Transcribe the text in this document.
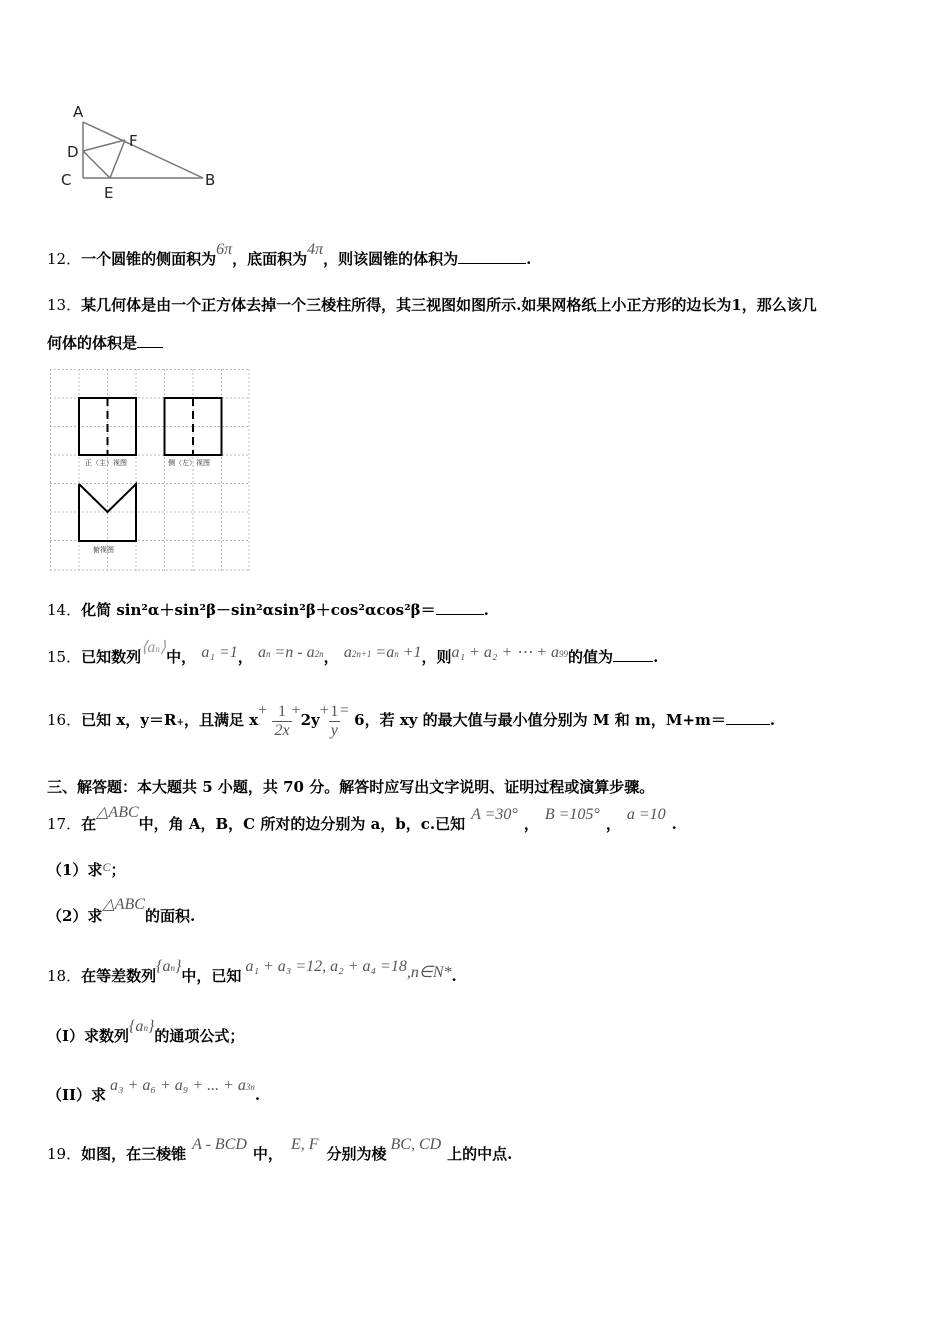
A
D
C
E
F
B
12．一个圆锥的侧面积为6π，底面积为4π，则该圆锥的体积为	.
13．某几何体是由一个正方体去掉一个三棱柱所得，其三视图如图所示.如果网格纸上小正方形的边长为1，那么该几
何体的体积是
正（主）视图	侧（左）视图
俯视图
14．化简 sin²α＋sin²β－sin²αsin²β＋cos²αcos²β＝	.
15．已知数列⟨an⟩中， a₁ =1， an =n - a2n， a2n+1 =an +1，则a₁ + a₂ + ⋯ + a99的值为	.
16．已知 x，y＝R+，且满足 $x+ \frac{1}{2x} +2y+ \frac{1}{y} = 6$，若 xy 的最大值与最小值分别为 M 和 m，M+m＝	.
三、解答题：本大题共 5 小题，共 70 分。解答时应写出文字说明、证明过程或演算步骤。
17．在△ABC中，角 A，B，C 所对的边分别为 a，b，c.已知A =30°，B =105°，a =10.
（1）求$^C$；
（2）求△ABC的面积.
18．在等差数列{an}中，已知a₁ + a₃ =12, a₂ + a₄ =18,n∈N*.
（I）求数列{an}的通项公式；
（II）求a₃ + a₆ + a₉ + ... + a3n.
19．如图，在三棱锥A - BCD中，E, F分别为棱BC, CD上的中点.
